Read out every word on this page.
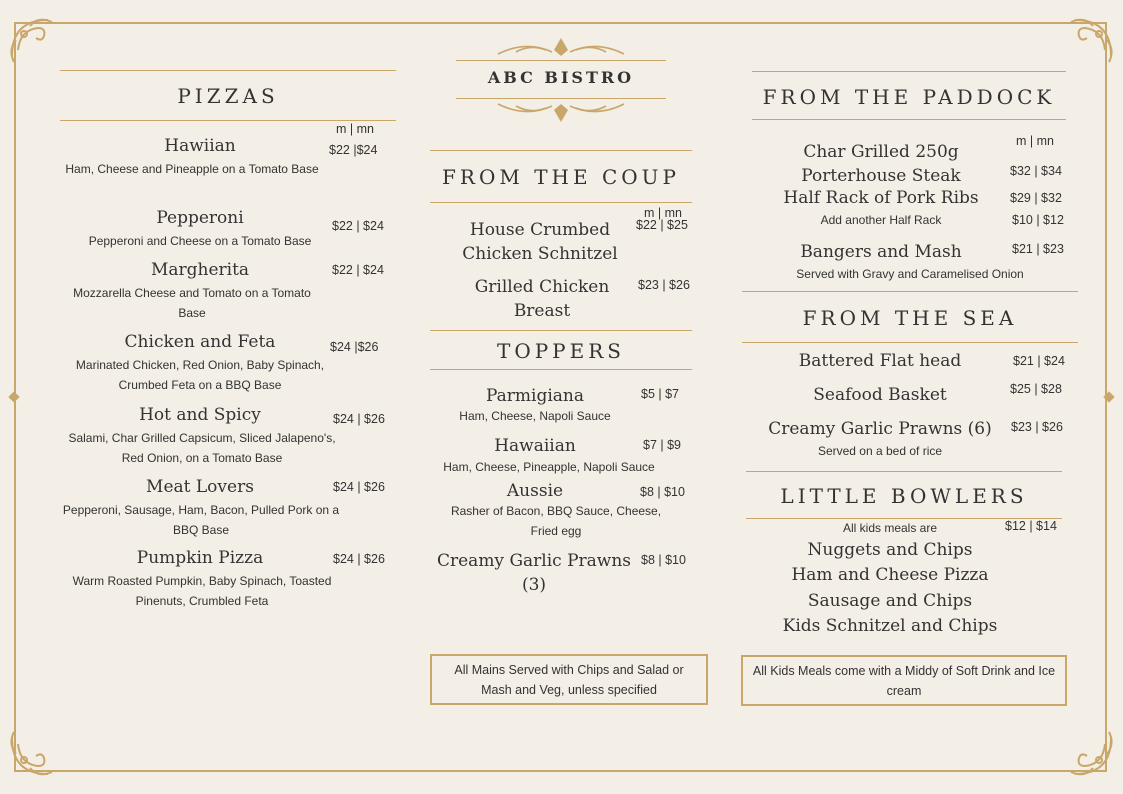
ABC BISTRO
PIZZAS
m | mn
Hawiian
Ham, Cheese and Pineapple on a Tomato Base
$22 |$24
Pepperoni
Pepperoni and Cheese on a Tomato Base
$22 | $24
Margherita
Mozzarella Cheese and Tomato on a Tomato Base
$22 | $24
Chicken and Feta
Marinated Chicken, Red Onion, Baby Spinach, Crumbed Feta on a BBQ Base
$24 |$26
Hot and Spicy
Salami, Char Grilled Capsicum, Sliced Jalapeno's, Red Onion, on a Tomato Base
$24 | $26
Meat Lovers
Pepperoni, Sausage, Ham, Bacon, Pulled Pork on a BBQ Base
$24 | $26
Pumpkin Pizza
Warm Roasted Pumpkin, Baby Spinach, Toasted Pinenuts, Crumbled Feta
$24 | $26
FROM THE COUP
m | mn
House Crumbed Chicken Schnitzel
$22 | $25
Grilled Chicken Breast
$23 | $26
TOPPERS
Parmigiana
Ham, Cheese, Napoli Sauce
$5 | $7
Hawaiian
Ham, Cheese, Pineapple, Napoli Sauce
$7 | $9
Aussie
Rasher of Bacon, BBQ Sauce, Cheese, Fried egg
$8 | $10
Creamy Garlic Prawns (3)
$8 | $10
All Mains Served with Chips and Salad or Mash and Veg, unless specified
FROM THE PADDOCK
m | mn
Char Grilled 250g Porterhouse Steak	$32 | $34
Half Rack of Pork Ribs	$29 | $32
Add another Half Rack	$10 | $12
Bangers and Mash
Served with Gravy and Caramelised Onion
$21 | $23
FROM THE SEA
Battered Flat head	$21 | $24
Seafood Basket	$25 | $28
Creamy Garlic Prawns (6)
Served on a bed of rice
$23 | $26
LITTLE BOWLERS
All kids meals are	$12 | $14
Nuggets and Chips
Ham and Cheese Pizza
Sausage and Chips
Kids Schnitzel and Chips
All Kids Meals come with a Middy of Soft Drink and Ice cream
